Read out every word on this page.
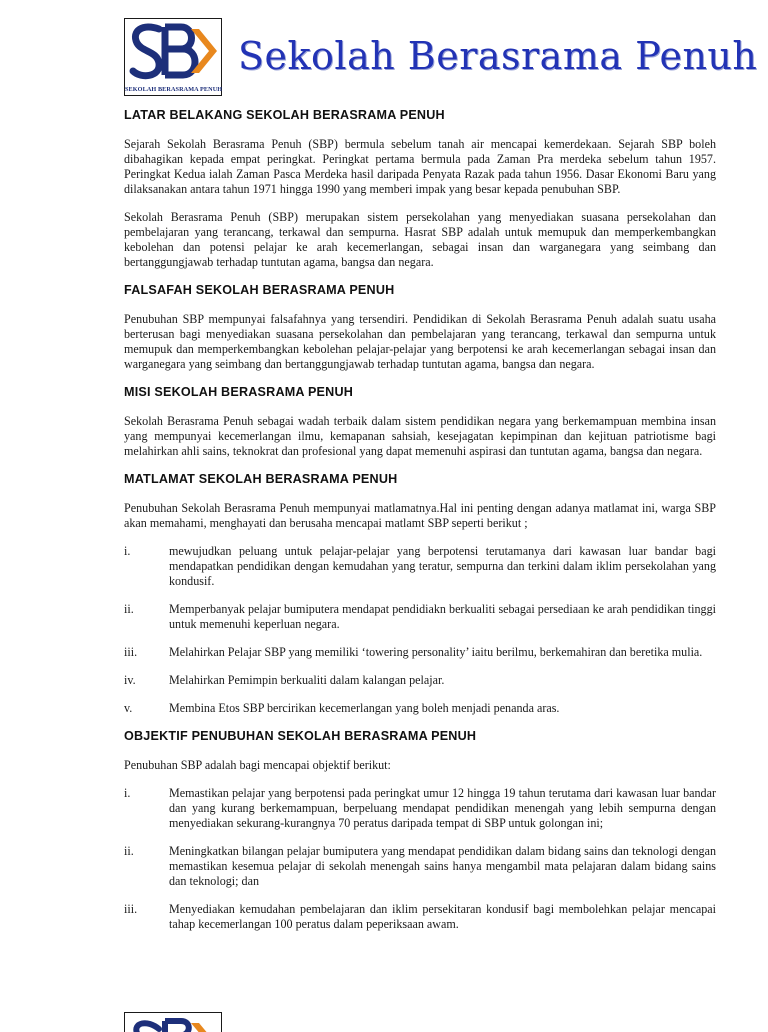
SEKOLAH BERASRAMA PENUH
Sekolah Berasrama Penuh
LATAR BELAKANG SEKOLAH BERASRAMA PENUH

Sejarah Sekolah Berasrama Penuh (SBP) bermula sebelum tanah air mencapai kemerdekaan. Sejarah SBP boleh dibahagikan kepada empat peringkat. Peringkat pertama bermula pada Zaman Pra merdeka sebelum tahun 1957. Peringkat Kedua ialah Zaman Pasca Merdeka hasil daripada Penyata Razak pada tahun 1956. Dasar Ekonomi Baru yang dilaksanakan antara tahun 1971 hingga 1990 yang memberi impak yang besar kepada penubuhan SBP.

Sekolah Berasrama Penuh (SBP) merupakan sistem persekolahan yang menyediakan suasana persekolahan dan pembelajaran yang terancang, terkawal dan sempurna. Hasrat SBP adalah untuk memupuk dan memperkembangkan kebolehan dan potensi pelajar ke arah kecemerlangan, sebagai insan dan warganegara yang seimbang dan bertanggungjawab terhadap tuntutan agama, bangsa dan negara.

FALSAFAH SEKOLAH BERASRAMA PENUH

Penubuhan SBP mempunyai falsafahnya yang tersendiri. Pendidikan di Sekolah Berasrama Penuh adalah suatu usaha berterusan bagi menyediakan suasana persekolahan dan pembelajaran yang terancang, terkawal dan sempurna untuk memupuk dan memperkembangkan kebolehan pelajar-pelajar yang berpotensi ke arah kecemerlangan sebagai insan dan warganegara yang seimbang dan bertanggungjawab terhadap tuntutan agama, bangsa dan negara.

MISI SEKOLAH BERASRAMA PENUH

Sekolah Berasrama Penuh sebagai wadah terbaik dalam sistem pendidikan negara yang berkemampuan membina insan yang mempunyai kecemerlangan ilmu, kemapanan sahsiah, kesejagatan kepimpinan dan kejituan patriotisme bagi melahirkan ahli sains, teknokrat dan profesional yang dapat memenuhi aspirasi dan tuntutan agama, bangsa dan negara.

MATLAMAT SEKOLAH BERASRAMA PENUH

Penubuhan Sekolah Berasrama Penuh mempunyai matlamatnya.Hal ini penting dengan adanya matlamat ini, warga SBP akan memahami, menghayati dan berusaha mencapai matlamt SBP seperti berikut ;

i.	mewujudkan peluang untuk pelajar-pelajar yang berpotensi terutamanya dari kawasan luar bandar bagi mendapatkan pendidikan dengan kemudahan yang teratur, sempurna dan terkini dalam iklim persekolahan yang kondusif.
ii.	Memperbanyak pelajar bumiputera mendapat pendidiakn berkualiti sebagai persediaan ke arah pendidikan tinggi untuk memenuhi keperluan negara.
iii.	Melahirkan Pelajar SBP yang memiliki ‘towering personality’ iaitu berilmu, berkemahiran dan beretika mulia.
iv.	Melahirkan Pemimpin berkualiti dalam kalangan pelajar.
v.	Membina Etos SBP bercirikan kecemerlangan yang boleh menjadi penanda aras.
OBJEKTIF PENUBUHAN SEKOLAH BERASRAMA PENUH

Penubuhan SBP adalah bagi mencapai objektif berikut:

i.	Memastikan pelajar yang berpotensi pada peringkat umur 12 hingga 19 tahun terutama dari kawasan luar bandar dan yang kurang berkemampuan, berpeluang mendapat pendidikan menengah yang lebih sempurna dengan menyediakan sekurang-kurangnya 70 peratus daripada tempat di SBP untuk golongan ini;
ii.	Meningkatkan bilangan pelajar bumiputera yang mendapat pendidikan dalam bidang sains dan teknologi dengan memastikan kesemua pelajar di sekolah menengah sains hanya mengambil mata pelajaran dalam bidang sains dan teknologi; dan
iii.	Menyediakan kemudahan pembelajaran dan iklim persekitaran kondusif bagi membolehkan pelajar mencapai tahap kecemerlangan 100 peratus dalam peperiksaan awam.
